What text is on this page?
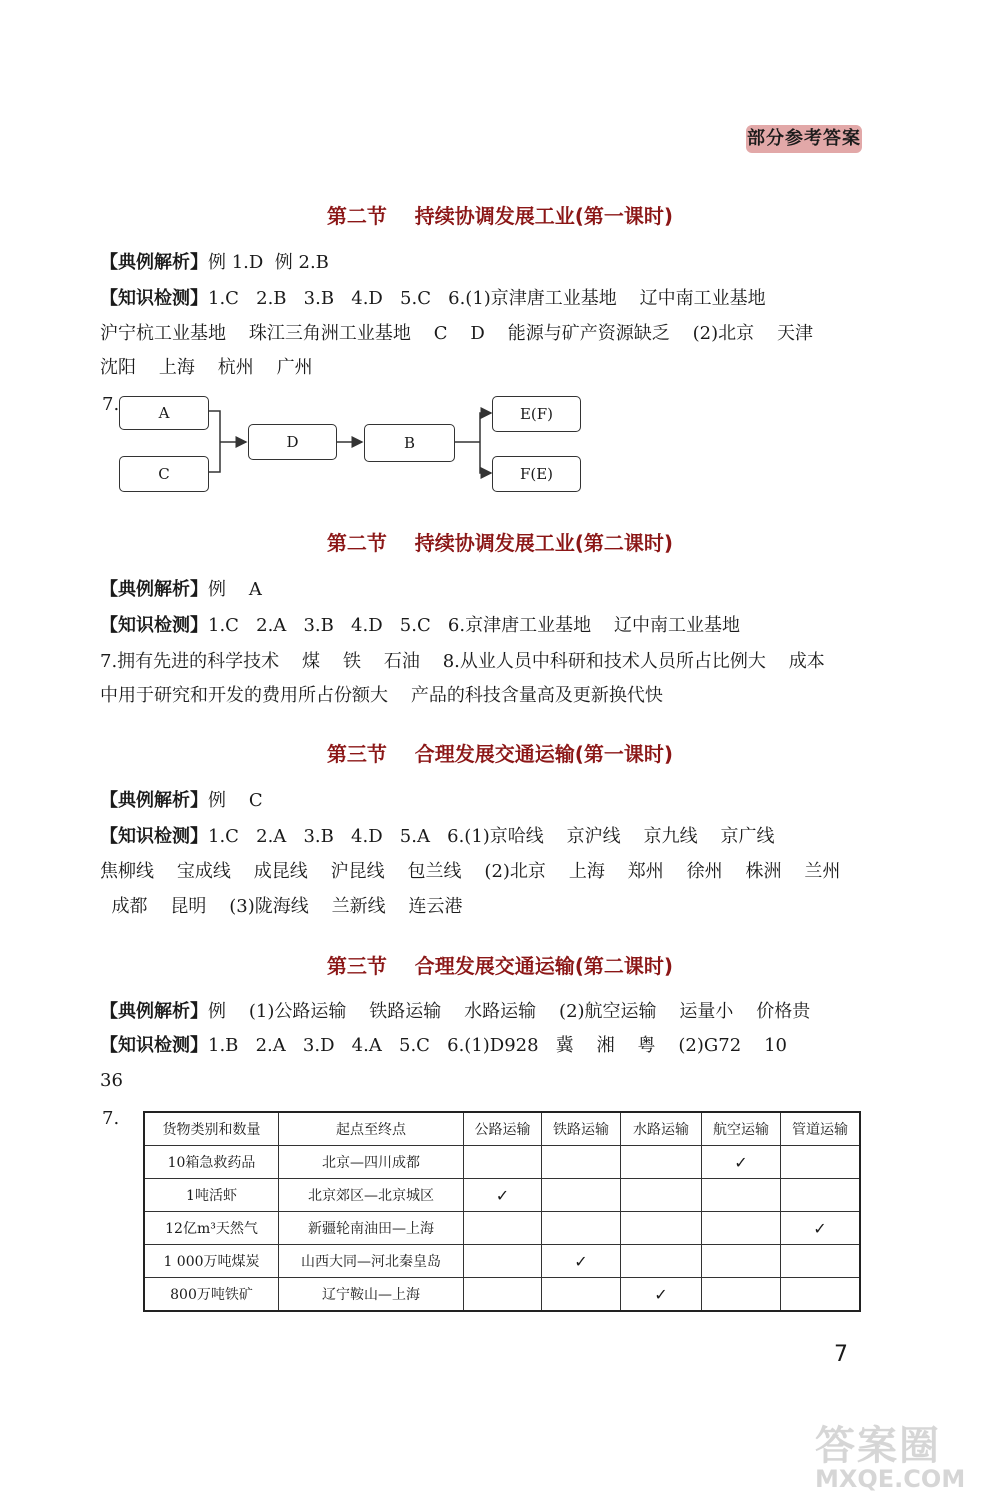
部分参考答案
第二节    持续协调发展工业(第一课时)
【典例解析】例 1.D  例 2.B
【知识检测】1.C   2.B   3.B   4.D   5.C   6.(1)京津唐工业基地    辽中南工业基地
沪宁杭工业基地    珠江三角洲工业基地    C    D    能源与矿产资源缺乏    (2)北京    天津
沈阳    上海    杭州    广州
7.	A
C
D	B
E(F)
F(E)
第二节    持续协调发展工业(第二课时)
【典例解析】例    A
【知识检测】1.C   2.A   3.B   4.D   5.C   6.京津唐工业基地    辽中南工业基地
7.拥有先进的科学技术    煤    铁    石油    8.从业人员中科研和技术人员所占比例大    成本
中用于研究和开发的费用所占份额大    产品的科技含量高及更新换代快
第三节    合理发展交通运输(第一课时)
【典例解析】例    C
【知识检测】1.C   2.A   3.B   4.D   5.A   6.(1)京哈线    京沪线    京九线    京广线
焦柳线    宝成线    成昆线    沪昆线    包兰线    (2)北京    上海    郑州    徐州    株洲    兰州
成都    昆明    (3)陇海线    兰新线    连云港
第三节    合理发展交通运输(第二课时)
【典例解析】例    (1)公路运输    铁路运输    水路运输    (2)航空运输    运量小    价格贵
【知识检测】1.B   2.A   3.D   4.A   5.C   6.(1)D928   冀    湘    粤    (2)G72    10
36
7.
货物类别和数量	起点至终点	公路运输	铁路运输	水路运输	航空运输	管道运输
10箱急救药品	北京—四川成都				✓	
1吨活虾	北京郊区—北京城区	✓				
12亿m³天然气	新疆轮南油田—上海					✓
1 000万吨煤炭	山西大同—河北秦皇岛		✓			
800万吨铁矿	辽宁鞍山—上海			✓		
7
答案圈
MXQE.COM
